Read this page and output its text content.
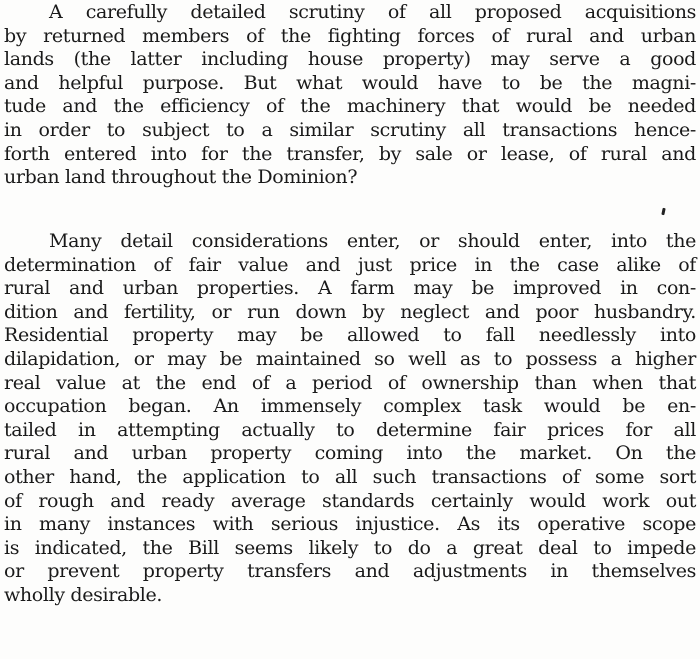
A carefully detailed scrutiny of all proposed acquisitions
by returned members of the fighting forces of rural and urban
lands (the latter including house property) may serve a good
and helpful purpose. But what would have to be the magni-
tude and the efficiency of the machinery that would be needed
in order to subject to a similar scrutiny all transactions hence-
forth entered into for the transfer, by sale or lease, of rural and
urban land throughout the Dominion?

Many detail considerations enter, or should enter, into the
determination of fair value and just price in the case alike of
rural and urban properties. A farm may be improved in con-
dition and fertility, or run down by neglect and poor husbandry.
Residential property may be allowed to fall needlessly into
dilapidation, or may be maintained so well as to possess a higher
real value at the end of a period of ownership than when that
occupation began. An immensely complex task would be en-
tailed in attempting actually to determine fair prices for all
rural and urban property coming into the market. On the
other hand, the application to all such transactions of some sort
of rough and ready average standards certainly would work out
in many instances with serious injustice. As its operative scope
is indicated, the Bill seems likely to do a great deal to impede
or prevent property transfers and adjustments in themselves
wholly desirable.
